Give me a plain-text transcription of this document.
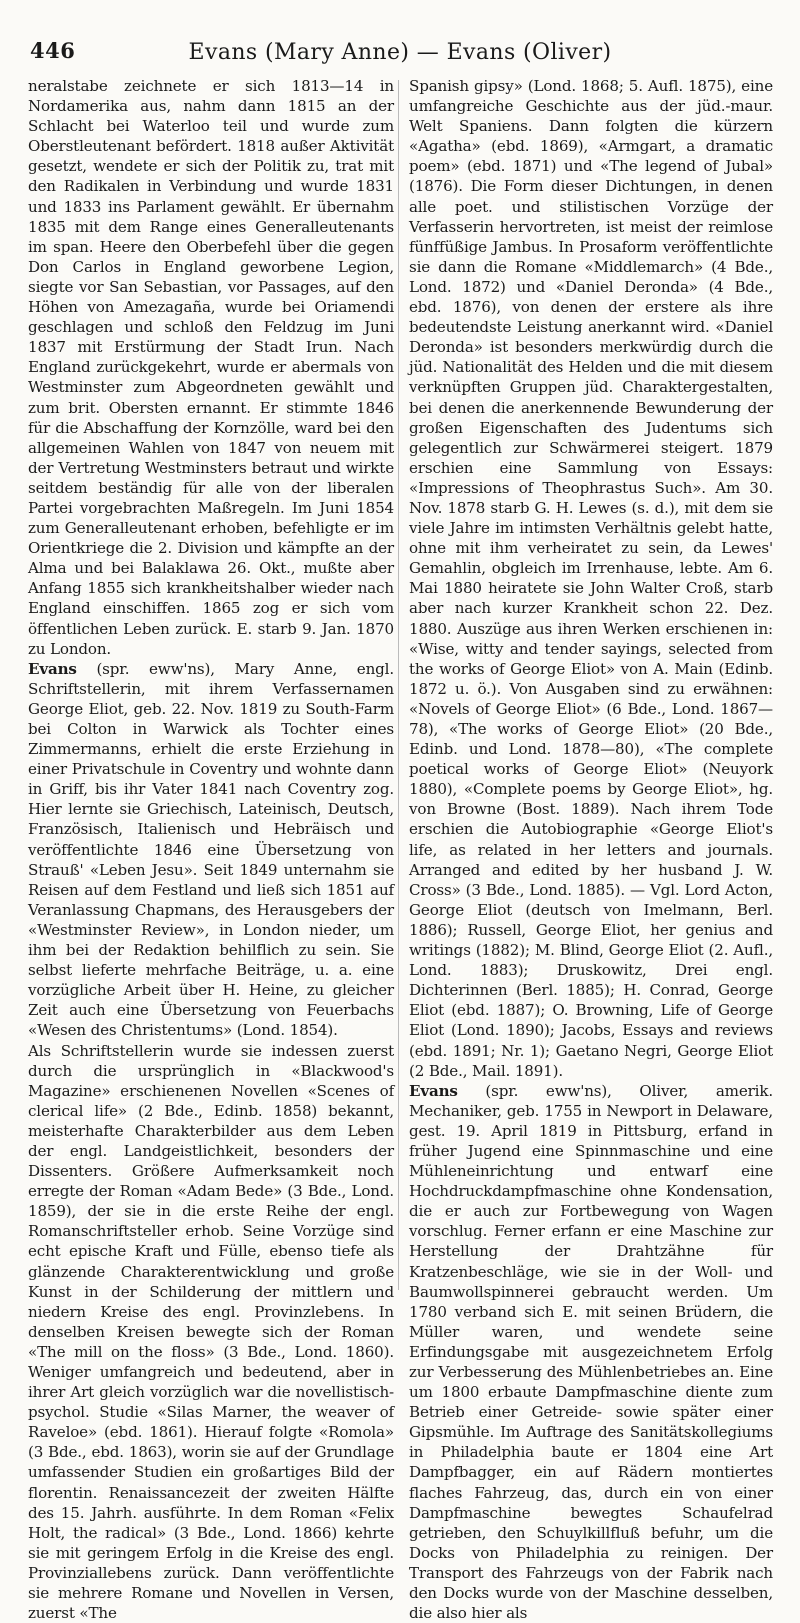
446	Evans (Mary Anne) — Evans (Oliver)

neralstabe zeichnete er sich 1813—14 in Nordamerika aus, nahm dann 1815 an der Schlacht bei Waterloo teil und wurde zum Oberstleutenant befördert. 1818 außer Aktivität gesetzt, wendete er sich der Politik zu, trat mit den Radikalen in Verbindung und wurde 1831 und 1833 ins Parlament gewählt. Er übernahm 1835 mit dem Range eines Generalleutenants im span. Heere den Oberbefehl über die gegen Don Carlos in England geworbene Legion, siegte vor San Sebastian, vor Passages, auf den Höhen von Amezagaña, wurde bei Oriamendi geschlagen und schloß den Feldzug im Juni 1837 mit Erstürmung der Stadt Irun. Nach England zurückgekehrt, wurde er abermals von Westminster zum Abgeordneten gewählt und zum brit. Obersten ernannt. Er stimmte 1846 für die Abschaffung der Kornzölle, ward bei den allgemeinen Wahlen von 1847 von neuem mit der Vertretung Westminsters betraut und wirkte seitdem beständig für alle von der liberalen Partei vorgebrachten Maßregeln. Im Juni 1854 zum Generalleutenant erhoben, befehligte er im Orientkriege die 2. Division und kämpfte an der Alma und bei Balaklawa 26. Okt., mußte aber Anfang 1855 sich krankheitshalber wieder nach England einschiffen. 1865 zog er sich vom öffentlichen Leben zurück. E. starb 9. Jan. 1870 zu London.

Evans (spr. eww'ns), Mary Anne, engl. Schriftstellerin, mit ihrem Verfassernamen George Eliot, geb. 22. Nov. 1819 zu South-Farm bei Colton in Warwick als Tochter eines Zimmermanns, erhielt die erste Erziehung in einer Privatschule in Coventry und wohnte dann in Griff, bis ihr Vater 1841 nach Coventry zog. Hier lernte sie Griechisch, Lateinisch, Deutsch, Französisch, Italienisch und Hebräisch und veröffentlichte 1846 eine Übersetzung von Strauß' «Leben Jesu». Seit 1849 unternahm sie Reisen auf dem Festland und ließ sich 1851 auf Veranlassung Chapmans, des Herausgebers der «Westminster Review», in London nieder, um ihm bei der Redaktion behilflich zu sein. Sie selbst lieferte mehrfache Beiträge, u. a. eine vorzügliche Arbeit über H. Heine, zu gleicher Zeit auch eine Übersetzung von Feuerbachs «Wesen des Christentums» (Lond. 1854).

Als Schriftstellerin wurde sie indessen zuerst durch die ursprünglich in «Blackwood's Magazine» erschienenen Novellen «Scenes of clerical life» (2 Bde., Edinb. 1858) bekannt, meisterhafte Charakterbilder aus dem Leben der engl. Landgeistlichkeit, besonders der Dissenters. Größere Aufmerksamkeit noch erregte der Roman «Adam Bede» (3 Bde., Lond. 1859), der sie in die erste Reihe der engl. Romanschriftsteller erhob. Seine Vorzüge sind echt epische Kraft und Fülle, ebenso tiefe als glänzende Charakterentwicklung und große Kunst in der Schilderung der mittlern und niedern Kreise des engl. Provinzlebens. In denselben Kreisen bewegte sich der Roman «The mill on the floss» (3 Bde., Lond. 1860). Weniger umfangreich und bedeutend, aber in ihrer Art gleich vorzüglich war die novellistisch-psychol. Studie «Silas Marner, the weaver of Raveloe» (ebd. 1861). Hierauf folgte «Romola» (3 Bde., ebd. 1863), worin sie auf der Grundlage umfassender Studien ein großartiges Bild der florentin. Renaissancezeit der zweiten Hälfte des 15. Jahrh. ausführte. In dem Roman «Felix Holt, the radical» (3 Bde., Lond. 1866) kehrte sie mit geringem Erfolg in die Kreise des engl. Provinziallebens zurück. Dann veröffentlichte sie mehrere Romane und Novellen in Versen, zuerst «The

Spanish gipsy» (Lond. 1868; 5. Aufl. 1875), eine umfangreiche Geschichte aus der jüd.-maur. Welt Spaniens. Dann folgten die kürzern «Agatha» (ebd. 1869), «Armgart, a dramatic poem» (ebd. 1871) und «The legend of Jubal» (1876). Die Form dieser Dichtungen, in denen alle poet. und stilistischen Vorzüge der Verfasserin hervortreten, ist meist der reimlose fünffüßige Jambus. In Prosaform veröffentlichte sie dann die Romane «Middlemarch» (4 Bde., Lond. 1872) und «Daniel Deronda» (4 Bde., ebd. 1876), von denen der erstere als ihre bedeutendste Leistung anerkannt wird. «Daniel Deronda» ist besonders merkwürdig durch die jüd. Nationalität des Helden und die mit diesem verknüpften Gruppen jüd. Charaktergestalten, bei denen die anerkennende Bewunderung der großen Eigenschaften des Judentums sich gelegentlich zur Schwärmerei steigert. 1879 erschien eine Sammlung von Essays: «Impressions of Theophrastus Such». Am 30. Nov. 1878 starb G. H. Lewes (s. d.), mit dem sie viele Jahre im intimsten Verhältnis gelebt hatte, ohne mit ihm verheiratet zu sein, da Lewes' Gemahlin, obgleich im Irrenhause, lebte. Am 6. Mai 1880 heiratete sie John Walter Croß, starb aber nach kurzer Krankheit schon 22. Dez. 1880. Auszüge aus ihren Werken erschienen in: «Wise, witty and tender sayings, selected from the works of George Eliot» von A. Main (Edinb. 1872 u. ö.). Von Ausgaben sind zu erwähnen: «Novels of George Eliot» (6 Bde., Lond. 1867—78), «The works of George Eliot» (20 Bde., Edinb. und Lond. 1878—80), «The complete poetical works of George Eliot» (Neuyork 1880), «Complete poems by George Eliot», hg. von Browne (Bost. 1889). Nach ihrem Tode erschien die Autobiographie «George Eliot's life, as related in her letters and journals. Arranged and edited by her husband J. W. Cross» (3 Bde., Lond. 1885). — Vgl. Lord Acton, George Eliot (deutsch von Imelmann, Berl. 1886); Russell, George Eliot, her genius and writings (1882); M. Blind, George Eliot (2. Aufl., Lond. 1883); Druskowitz, Drei engl. Dichterinnen (Berl. 1885); H. Conrad, George Eliot (ebd. 1887); O. Browning, Life of George Eliot (Lond. 1890); Jacobs, Essays and reviews (ebd. 1891; Nr. 1); Gaetano Negri, George Eliot (2 Bde., Mail. 1891).

Evans (spr. eww'ns), Oliver, amerik. Mechaniker, geb. 1755 in Newport in Delaware, gest. 19. April 1819 in Pittsburg, erfand in früher Jugend eine Spinnmaschine und eine Mühleneinrichtung und entwarf eine Hochdruckdampfmaschine ohne Kondensation, die er auch zur Fortbewegung von Wagen vorschlug. Ferner erfann er eine Maschine zur Herstellung der Drahtzähne für Kratzenbeschläge, wie sie in der Woll- und Baumwollspinnerei gebraucht werden. Um 1780 verband sich E. mit seinen Brüdern, die Müller waren, und wendete seine Erfindungsgabe mit ausgezeichnetem Erfolg zur Verbesserung des Mühlenbetriebes an. Eine um 1800 erbaute Dampfmaschine diente zum Betrieb einer Getreide- sowie später einer Gipsmühle. Im Auftrage des Sanitätskollegiums in Philadelphia baute er 1804 eine Art Dampfbagger, ein auf Rädern montiertes flaches Fahrzeug, das, durch ein von einer Dampfmaschine bewegtes Schaufelrad getrieben, den Schuylkillfluß befuhr, um die Docks von Philadelphia zu reinigen. Der Transport des Fahrzeugs von der Fabrik nach den Docks wurde von der Maschine desselben, die also hier als
